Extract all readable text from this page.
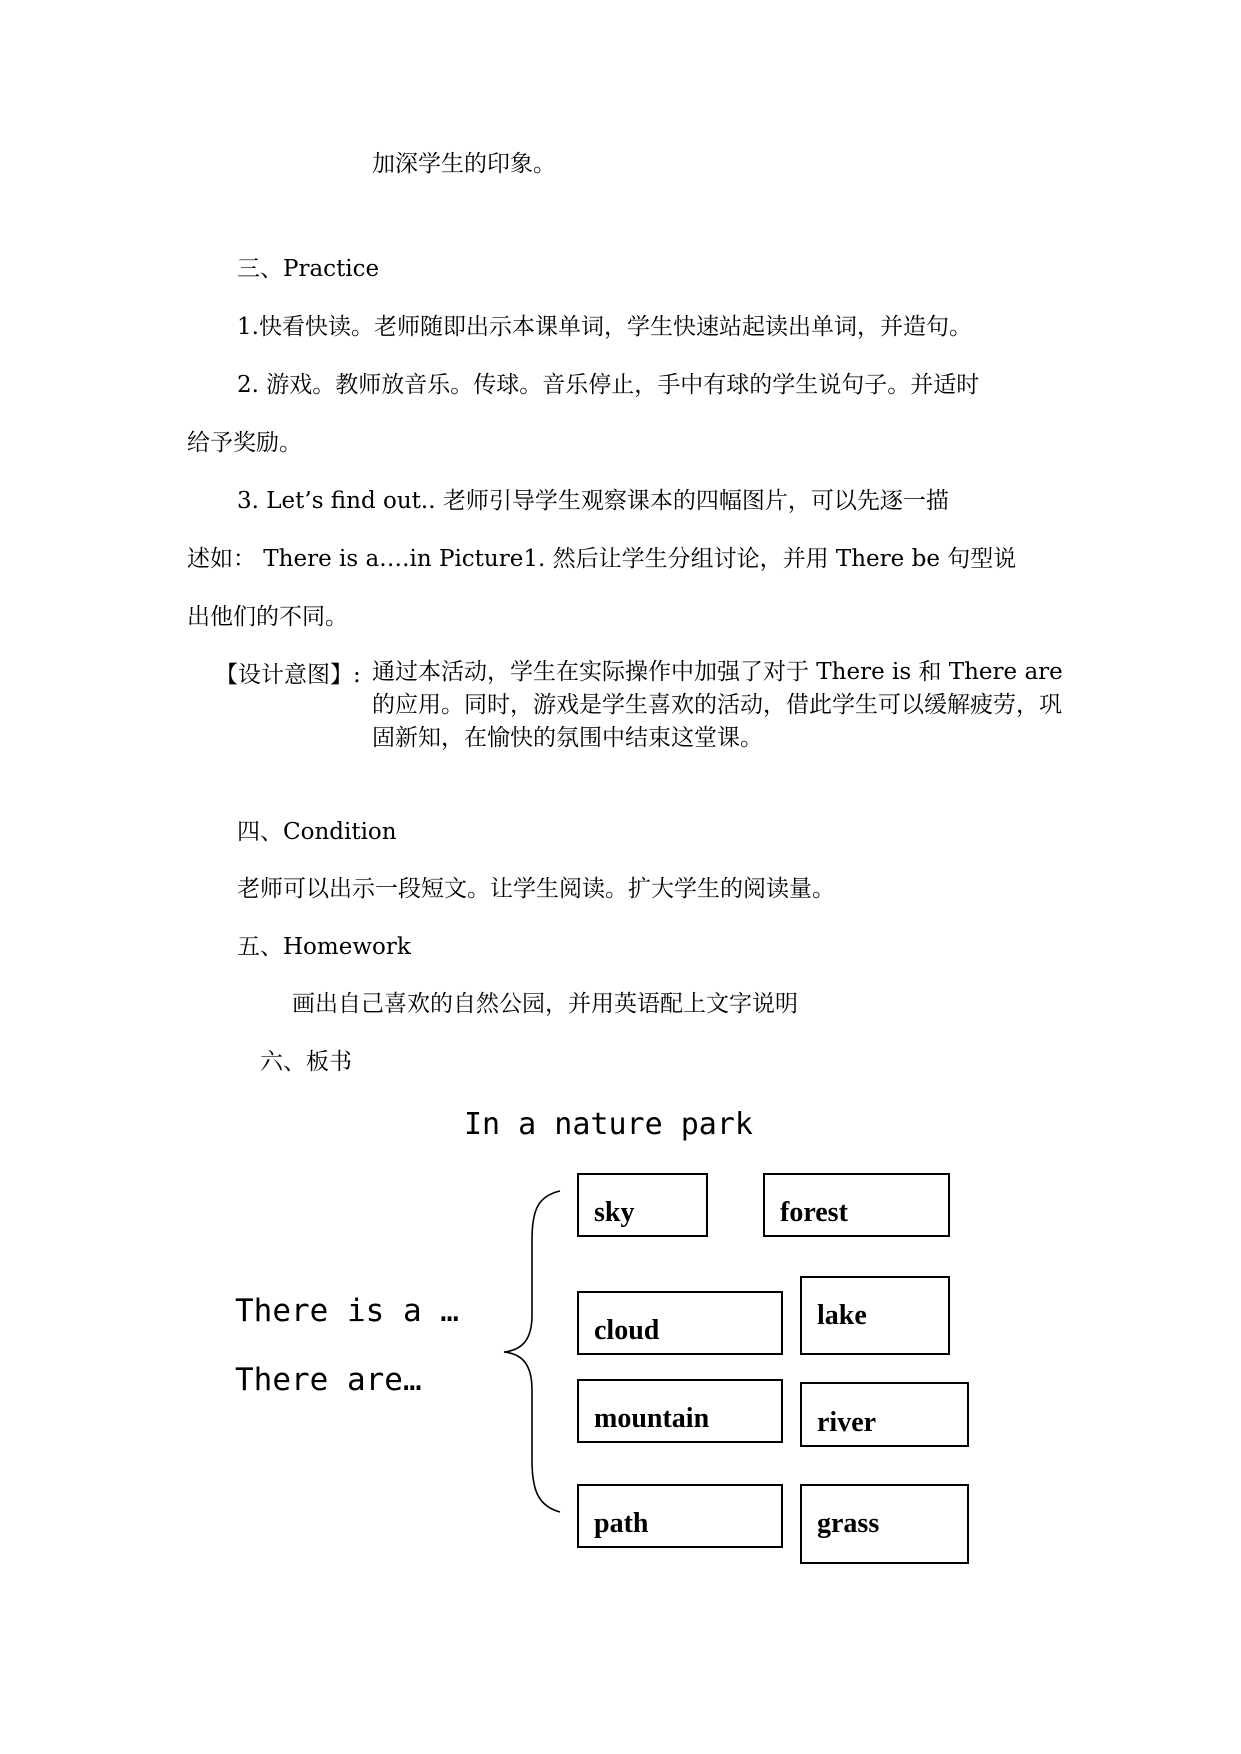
加深学生的印象。
三、Practice
1.快看快读。老师随即出示本课单词，学生快速站起读出单词，并造句。
2. 游戏。教师放音乐。传球。音乐停止，手中有球的学生说句子。并适时
给予奖励。
3. Let’s find out.. 老师引导学生观察课本的四幅图片，可以先逐一描
述如： There is a….in Picture1. 然后让学生分组讨论，并用 There be 句型说
出他们的不同。
【设计意图】: 通过本活动，学生在实际操作中加强了对于 There is 和 There are 的应用。同时，游戏是学生喜欢的活动，借此学生可以缓解疲劳，巩固新知，在愉快的氛围中结束这堂课。
四、Condition
老师可以出示一段短文。让学生阅读。扩大学生的阅读量。
五、Homework
画出自己喜欢的自然公园，并用英语配上文字说明
六、板书
In a nature park
There is a …
There are…
sky	forest
cloud	lake
mountain	river
path	grass
